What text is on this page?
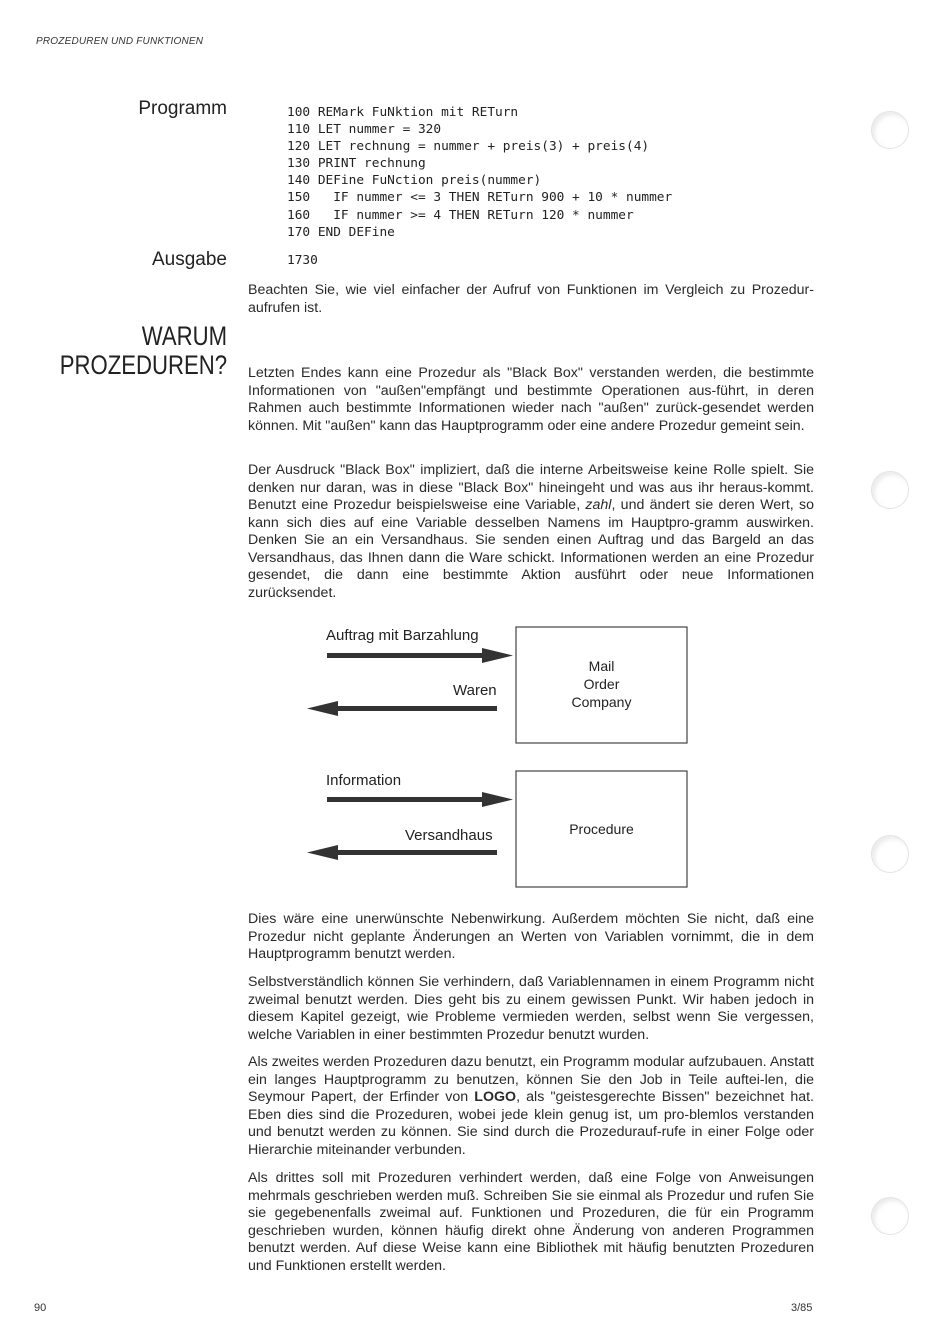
PROZEDUREN UND FUNKTIONEN
Programm	100 REMark FuNktion mit RETurn
110 LET nummer = 320
120 LET rechnung = nummer + preis(3) + preis(4)
130 PRINT rechnung
140 DEFine FuNction preis(nummer)
150   IF nummer <= 3 THEN RETurn 900 + 10 * nummer
160   IF nummer >= 4 THEN RETurn 120 * nummer
170 END DEFine
Ausgabe	1730

Beachten Sie, wie viel einfacher der Aufruf von Funktionen im Vergleich zu Prozedur-aufrufen ist.

WARUM
PROZEDUREN? Letzten Endes kann eine Prozedur als "Black Box" verstanden werden, die bestimmte Informationen von "außen"empfängt und bestimmte Operationen aus-führt, in deren Rahmen auch bestimmte Informationen wieder nach "außen" zurück-gesendet werden können. Mit "außen" kann das Hauptprogramm oder eine andere Prozedur gemeint sein.

Der Ausdruck "Black Box" impliziert, daß die interne Arbeitsweise keine Rolle spielt. Sie denken nur daran, was in diese "Black Box" hineingeht und was aus ihr heraus-kommt. Benutzt eine Prozedur beispielsweise eine Variable, zahl, und ändert sie deren Wert, so kann sich dies auf eine Variable desselben Namens im Hauptpro-gramm auswirken. Denken Sie an ein Versandhaus. Sie senden einen Auftrag und das Bargeld an das Versandhaus, das Ihnen dann die Ware schickt. Informationen werden an eine Prozedur gesendet, die dann eine bestimmte Aktion ausführt oder neue Informationen zurücksendet.

Auftrag mit Barzahlung
Waren
Mail
Order
Company
Information
Versandhaus	Procedure

Dies wäre eine unerwünschte Nebenwirkung. Außerdem möchten Sie nicht, daß eine Prozedur nicht geplante Änderungen an Werten von Variablen vornimmt, die in dem Hauptprogramm benutzt werden.

Selbstverständlich können Sie verhindern, daß Variablennamen in einem Programm nicht zweimal benutzt werden. Dies geht bis zu einem gewissen Punkt. Wir haben jedoch in diesem Kapitel gezeigt, wie Probleme vermieden werden, selbst wenn Sie vergessen, welche Variablen in einer bestimmten Prozedur benutzt wurden.

Als zweites werden Prozeduren dazu benutzt, ein Programm modular aufzubauen. Anstatt ein langes Hauptprogramm zu benutzen, können Sie den Job in Teile auftei-len, die Seymour Papert, der Erfinder von LOGO, als "geistesgerechte Bissen" bezeichnet hat. Eben dies sind die Prozeduren, wobei jede klein genug ist, um pro-blemlos verstanden und benutzt werden zu können. Sie sind durch die Prozedurauf-rufe in einer Folge oder Hierarchie miteinander verbunden.

Als drittes soll mit Prozeduren verhindert werden, daß eine Folge von Anweisungen mehrmals geschrieben werden muß. Schreiben Sie sie einmal als Prozedur und rufen Sie sie gegebenenfalls zweimal auf. Funktionen und Prozeduren, die für ein Programm geschrieben wurden, können häufig direkt ohne Änderung von anderen Programmen benutzt werden. Auf diese Weise kann eine Bibliothek mit häufig benutzten Prozeduren und Funktionen erstellt werden.

90	3/85
